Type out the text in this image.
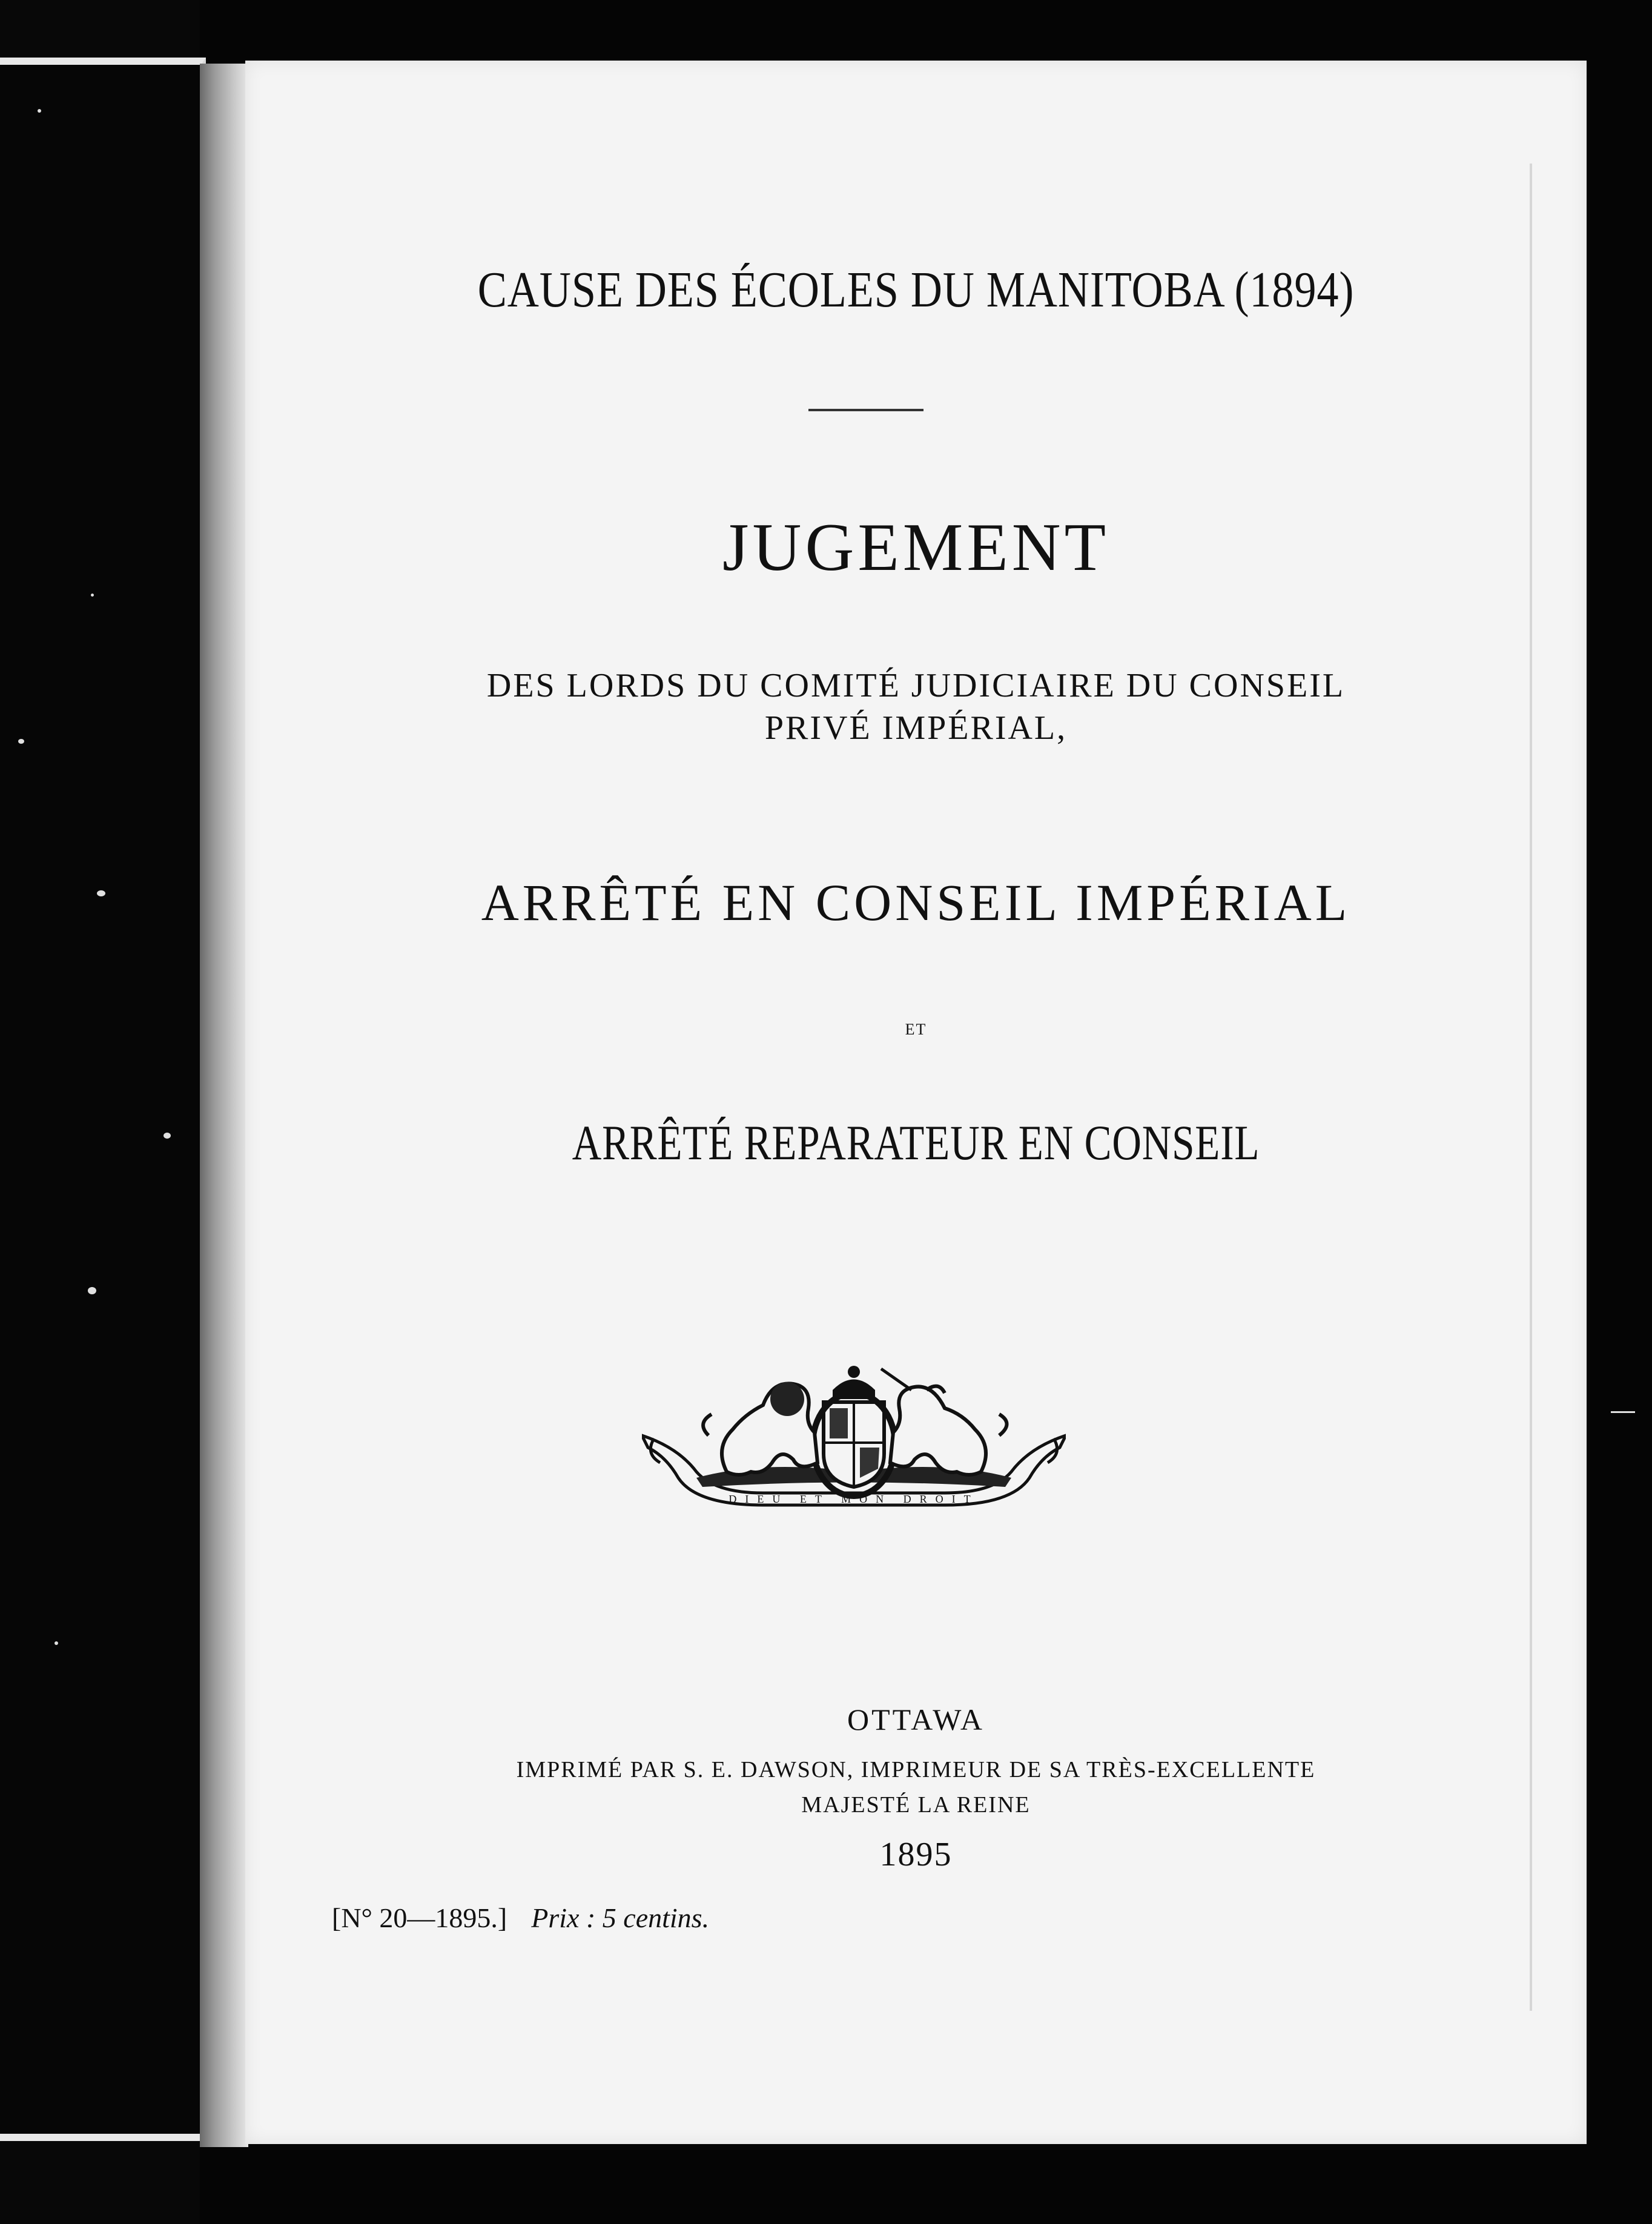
CAUSE DES ÉCOLES DU MANITOBA (1894)
JUGEMENT
DES LORDS DU COMITÉ JUDICIAIRE DU CONSEIL
PRIVÉ IMPÉRIAL,
ARRÊTÉ EN CONSEIL IMPÉRIAL
ET
ARRÊTÉ REPARATEUR EN CONSEIL
DIEU ET MON DROIT
OTTAWA
IMPRIMÉ PAR S. E. DAWSON, IMPRIMEUR DE SA TRÈS-EXCELLENTE
MAJESTÉ LA REINE
1895
[N° 20—1895.] Prix : 5 centins.
